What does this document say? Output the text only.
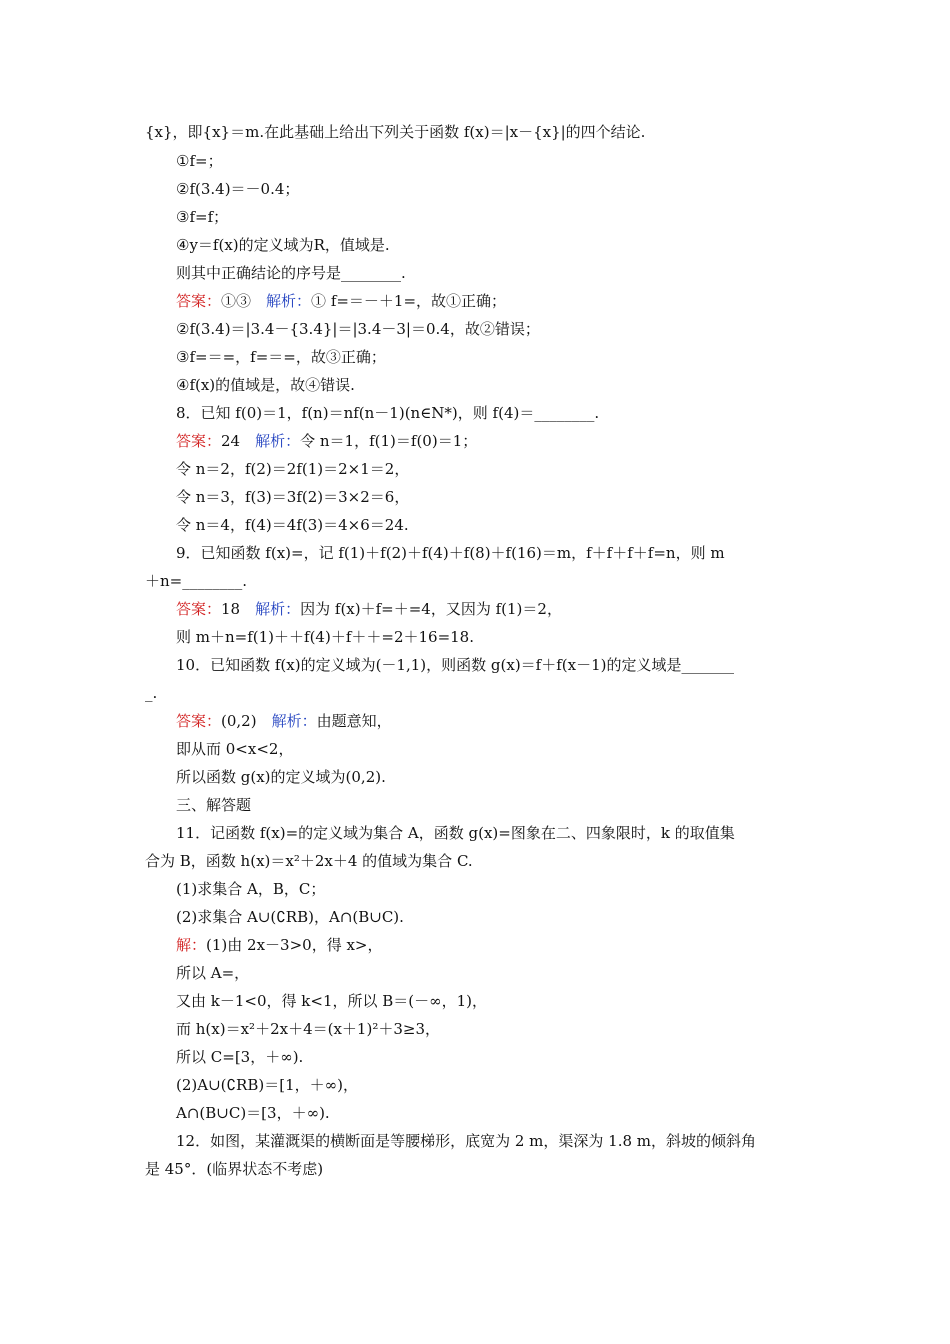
{x}，即{x}＝m.在此基础上给出下列关于函数 f(x)＝|x－{x}|的四个结论.
①f=；
②f(3.4)＝－0.4；
③f=f；
④y＝f(x)的定义域为R，值域是.
则其中正确结论的序号是________.
答案：①③　解析：① f=＝－＋1=，故①正确；
②f(3.4)＝|3.4－{3.4}|＝|3.4－3|＝0.4，故②错误；
③f=＝=，f=＝=，故③正确；
④f(x)的值域是，故④错误.
8．已知 f(0)＝1，f(n)＝nf(n－1)(n∈N*)，则 f(4)＝________.
答案：24　解析：令 n＝1，f(1)＝f(0)＝1；
令 n＝2，f(2)＝2f(1)＝2×1＝2，
令 n＝3，f(3)＝3f(2)＝3×2＝6，
令 n＝4，f(4)＝4f(3)＝4×6＝24.
9．已知函数 f(x)=，记 f(1)＋f(2)＋f(4)＋f(8)＋f(16)＝m，f＋f＋f＋f=n，则 m
＋n=________.
答案：18　解析：因为 f(x)＋f=＋=4，又因为 f(1)＝2，
则 m＋n=f(1)＋＋f(4)＋f＋＋=2＋16=18.
10．已知函数 f(x)的定义域为(－1,1)，则函数 g(x)＝f＋f(x－1)的定义域是_______
_.
答案：(0,2)　解析：由题意知，
即从而 0<x<2，
所以函数 g(x)的定义域为(0,2).
三、解答题
11．记函数 f(x)=的定义域为集合 A，函数 g(x)=图象在二、四象限时，k 的取值集
合为 B，函数 h(x)＝x²＋2x＋4 的值域为集合 C.
(1)求集合 A，B，C；
(2)求集合 A∪(∁RB)，A∩(B∪C).
解：(1)由 2x－3>0，得 x>，
所以 A=，
又由 k－1<0，得 k<1，所以 B＝(－∞，1)，
而 h(x)＝x²＋2x＋4＝(x＋1)²＋3≥3，
所以 C=[3，＋∞).
(2)A∪(∁RB)＝[1，＋∞)，
A∩(B∪C)＝[3，＋∞).
12．如图，某灌溉渠的横断面是等腰梯形，底宽为 2 m，渠深为 1.8 m，斜坡的倾斜角
是 45°．(临界状态不考虑)
